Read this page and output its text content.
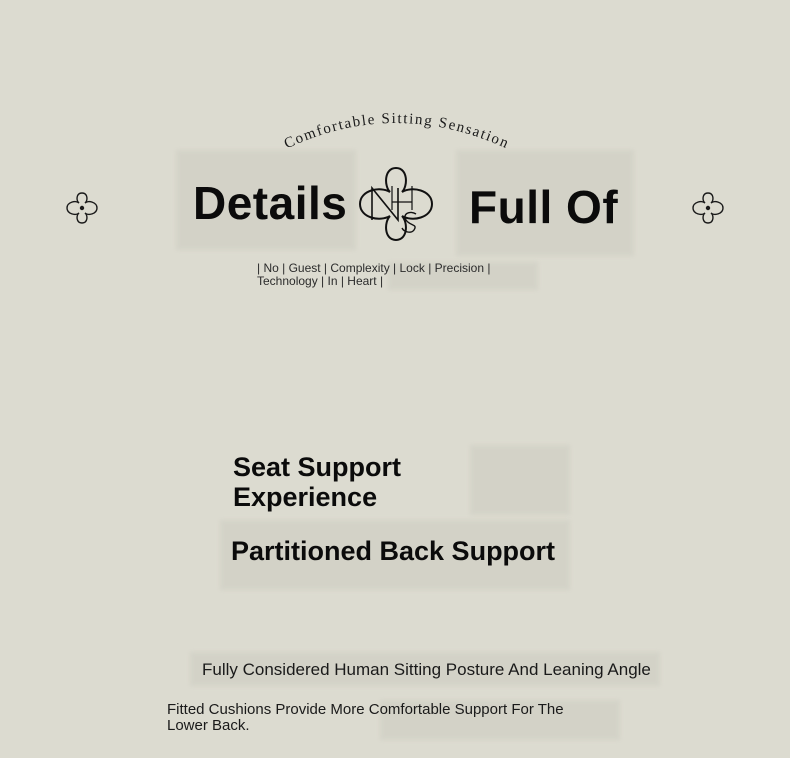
Comfortable Sitting Sensation
Details	Full Of
| No | Guest | Complexity | Lock | Precision |
Technology | In | Heart |
Seat Support Experience
Partitioned Back Support
Fully Considered Human Sitting Posture And Leaning Angle
Fitted Cushions Provide More Comfortable Support For The Lower Back.
